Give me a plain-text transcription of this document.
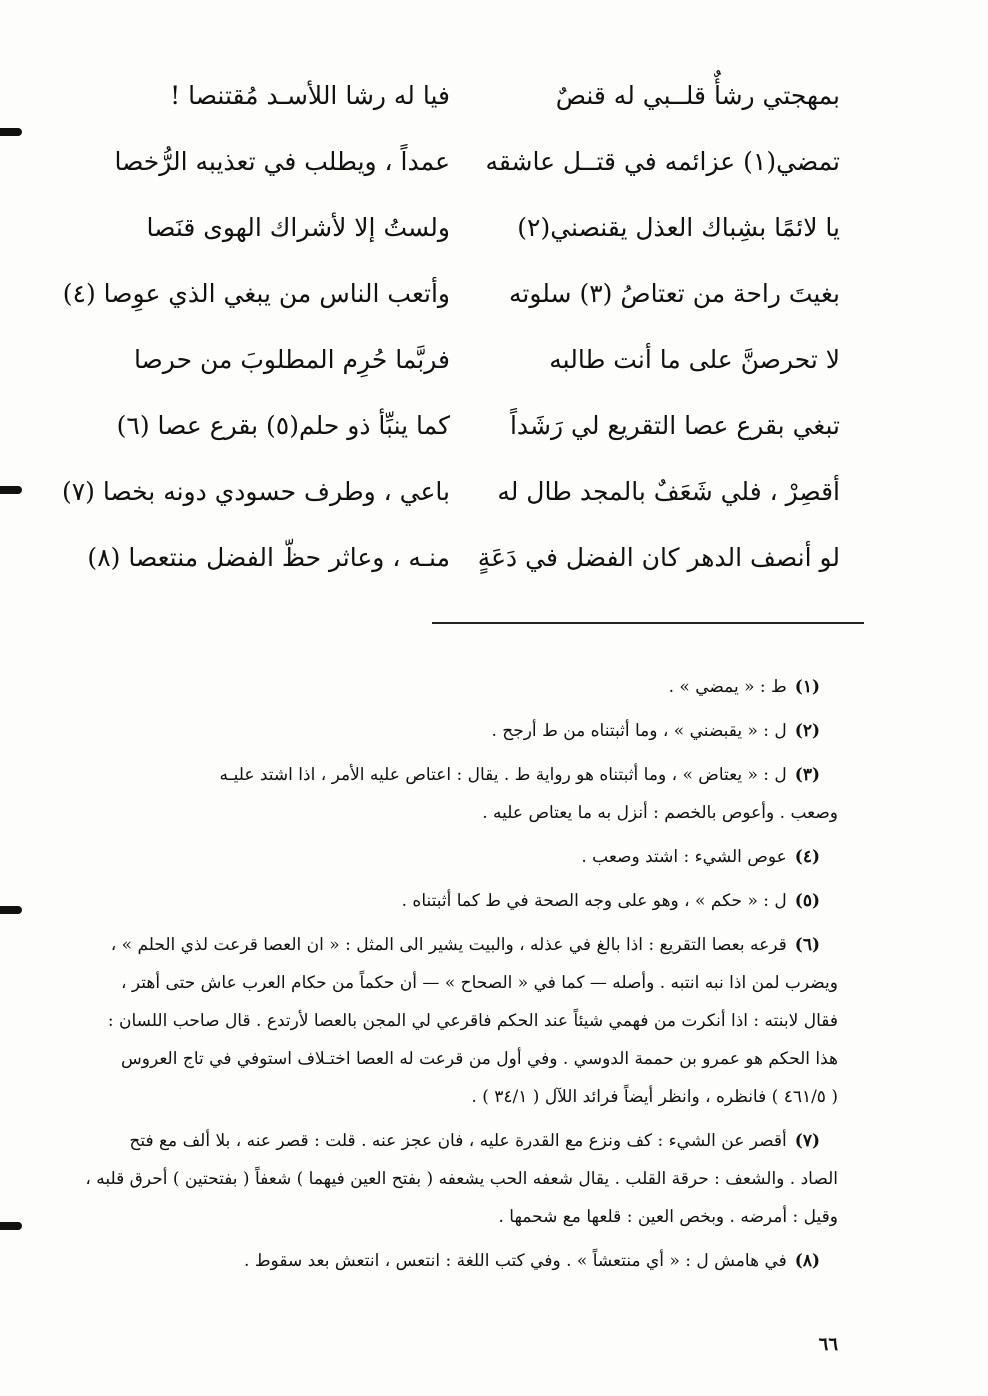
بمهجتي رشأٌ قلــبي له قنصٌ
فيا له رشا اللأسـد مُقتنصا !
تمضي(١) عزائمه في قتــل عاشقه
عمداً ، ويطلب في تعذيبه الرُّخصا
يا لائمًا بشِباك العذل يقنصني(٢)
ولستُ إلا لأشراك الهوى قنَصا
بغيتَ راحة من تعتاصُ (٣) سلوته
وأتعب الناس من يبغي الذي عوِصا (٤)
لا تحرصنَّ على ما أنت طالبه
فربَّما حُرِم المطلوبَ من حرصا
تبغي بقرع عصا التقريع لي رَشَداً
كما ينبِّأ ذو حلم(٥) بقرع عصا (٦)
أقصِرْ ، فلي شَعَفٌ بالمجد طال له
باعي ، وطرف حسودي دونه بخصا (٧)
لو أنصف الدهر كان الفضل في دَعَةٍ
منـه ، وعاثر حظّ الفضل منتعصا (٨)
(١)ط : « يمضي » .
(٢)ل : « يقبضني » ، وما أثبتناه من ط أرجح .
(٣)ل : « يعتاض » ، وما أثبتناه هو رواية ط . يقال : اعتاص عليه الأمر ، اذا اشتد عليـه
وصعب . وأعوص بالخصم : أنزل به ما يعتاص عليه .
(٤)عوص الشيء : اشتد وصعب .
(٥)ل : « حكم » ، وهو على وجه الصحة في ط كما أثبتناه .
(٦)قرعه بعصا التقريع : اذا بالغ في عذله ، والبيت يشير الى المثل : « ان العصا قرعت لذي الحلم » ،
ويضرب لمن اذا نبه انتبه . وأصله — كما في « الصحاح » — أن حكماً من حكام العرب عاش حتى أهتر ،
فقال لابنته : اذا أنكرت من فهمي شيئاً عند الحكم فاقرعي لي المجن بالعصا لأرتدع . قال صاحب اللسان :
هذا الحكم هو عمرو بن حممة الدوسي . وفي أول من قرعت له العصا اختـلاف استوفي في تاج العروس
( ٤٦١/٥ ) فانظره ، وانظر أيضاً فرائد اللآل ( ٣٤/١ ) .
(٧)أقصر عن الشيء : كف ونزع مع القدرة عليه ، فان عجز عنه . قلت : قصر عنه ، بلا ألف مع فتح
الصاد . والشعف : حرقة القلب . يقال شعفه الحب يشعفه ( بفتح العين فيهما ) شعفاً ( بفتحتين ) أحرق قلبه ،
وقيل : أمرضه . وبخص العين : قلعها مع شحمها .
(٨)في هامش ل : « أي منتعشاً » . وفي كتب اللغة : انتعس ، انتعش بعد سقوط .
٦٦
